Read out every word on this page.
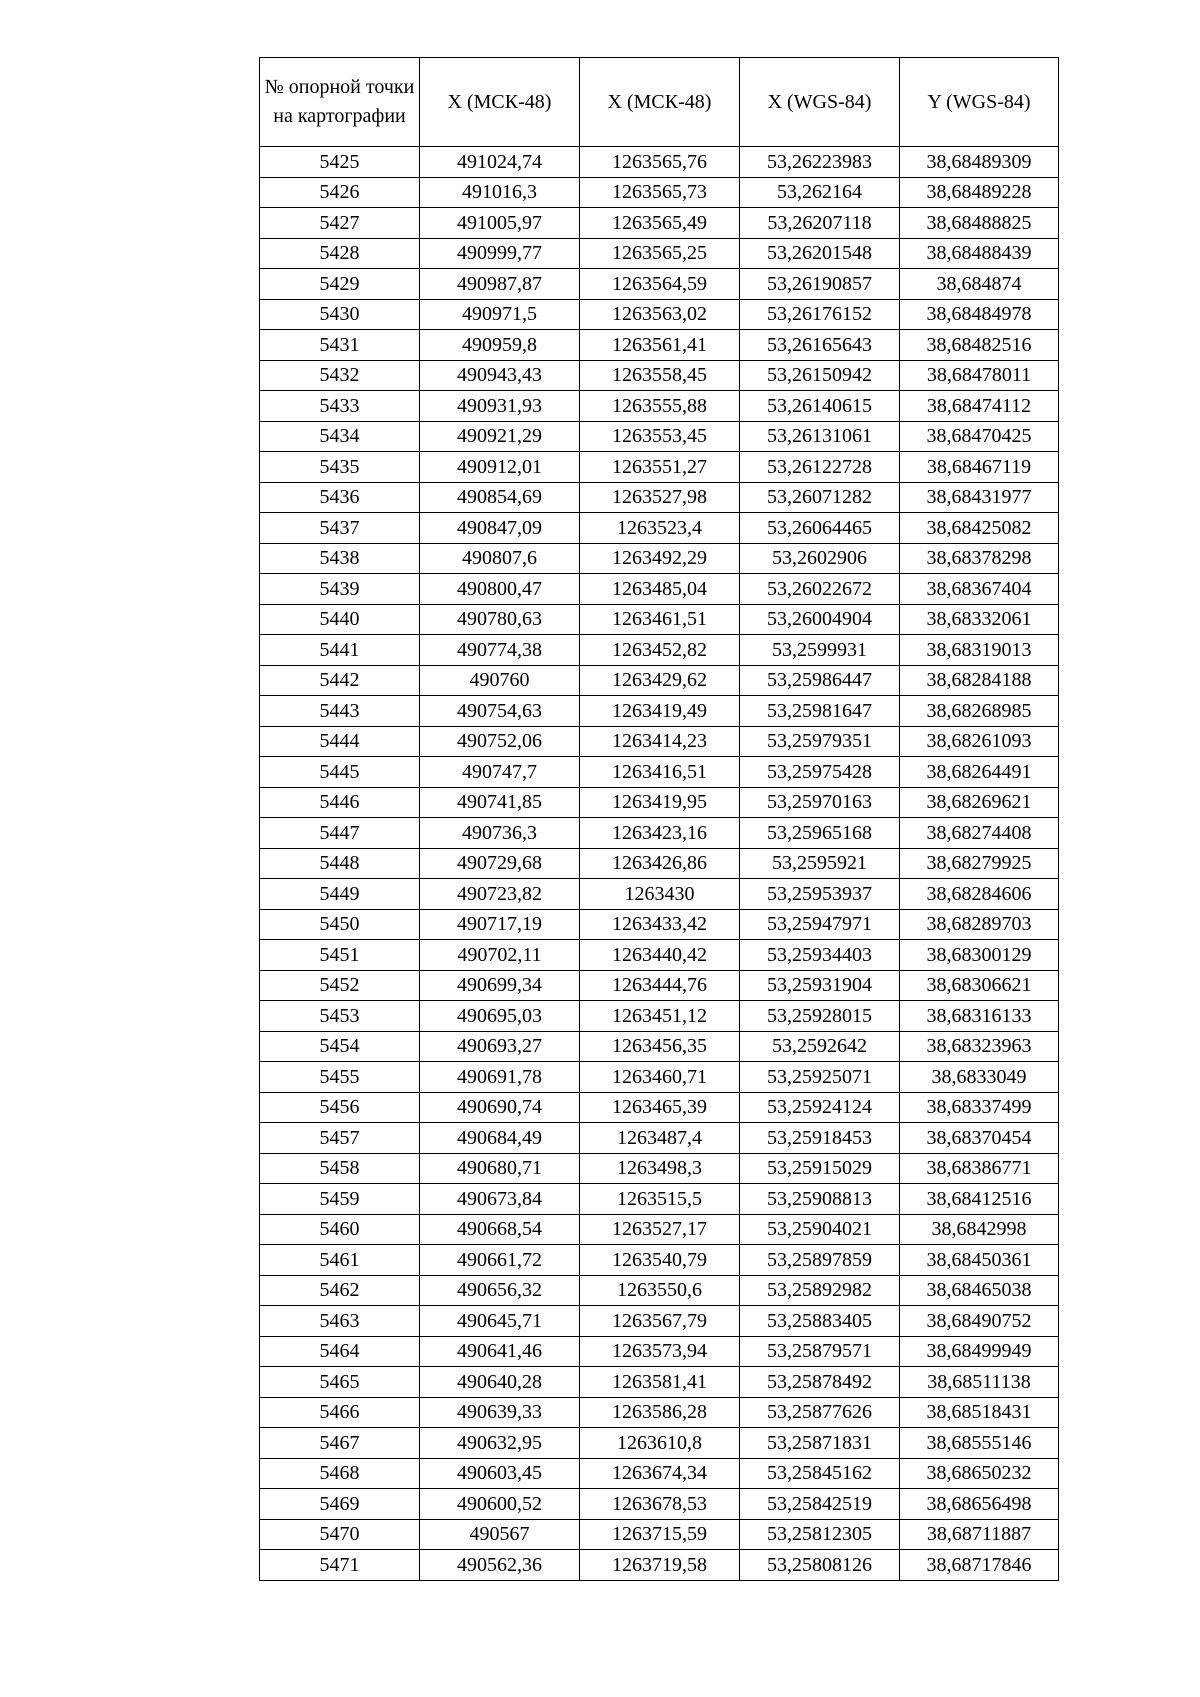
№ опорной точки на картографии	X (МСК-48)	X (МСК-48)	X (WGS-84)	Y (WGS-84)
5425	491024,74	1263565,76	53,26223983	38,68489309
5426	491016,3	1263565,73	53,262164	38,68489228
5427	491005,97	1263565,49	53,26207118	38,68488825
5428	490999,77	1263565,25	53,26201548	38,68488439
5429	490987,87	1263564,59	53,26190857	38,684874
5430	490971,5	1263563,02	53,26176152	38,68484978
5431	490959,8	1263561,41	53,26165643	38,68482516
5432	490943,43	1263558,45	53,26150942	38,68478011
5433	490931,93	1263555,88	53,26140615	38,68474112
5434	490921,29	1263553,45	53,26131061	38,68470425
5435	490912,01	1263551,27	53,26122728	38,68467119
5436	490854,69	1263527,98	53,26071282	38,68431977
5437	490847,09	1263523,4	53,26064465	38,68425082
5438	490807,6	1263492,29	53,2602906	38,68378298
5439	490800,47	1263485,04	53,26022672	38,68367404
5440	490780,63	1263461,51	53,26004904	38,68332061
5441	490774,38	1263452,82	53,2599931	38,68319013
5442	490760	1263429,62	53,25986447	38,68284188
5443	490754,63	1263419,49	53,25981647	38,68268985
5444	490752,06	1263414,23	53,25979351	38,68261093
5445	490747,7	1263416,51	53,25975428	38,68264491
5446	490741,85	1263419,95	53,25970163	38,68269621
5447	490736,3	1263423,16	53,25965168	38,68274408
5448	490729,68	1263426,86	53,2595921	38,68279925
5449	490723,82	1263430	53,25953937	38,68284606
5450	490717,19	1263433,42	53,25947971	38,68289703
5451	490702,11	1263440,42	53,25934403	38,68300129
5452	490699,34	1263444,76	53,25931904	38,68306621
5453	490695,03	1263451,12	53,25928015	38,68316133
5454	490693,27	1263456,35	53,2592642	38,68323963
5455	490691,78	1263460,71	53,25925071	38,6833049
5456	490690,74	1263465,39	53,25924124	38,68337499
5457	490684,49	1263487,4	53,25918453	38,68370454
5458	490680,71	1263498,3	53,25915029	38,68386771
5459	490673,84	1263515,5	53,25908813	38,68412516
5460	490668,54	1263527,17	53,25904021	38,6842998
5461	490661,72	1263540,79	53,25897859	38,68450361
5462	490656,32	1263550,6	53,25892982	38,68465038
5463	490645,71	1263567,79	53,25883405	38,68490752
5464	490641,46	1263573,94	53,25879571	38,68499949
5465	490640,28	1263581,41	53,25878492	38,68511138
5466	490639,33	1263586,28	53,25877626	38,68518431
5467	490632,95	1263610,8	53,25871831	38,68555146
5468	490603,45	1263674,34	53,25845162	38,68650232
5469	490600,52	1263678,53	53,25842519	38,68656498
5470	490567	1263715,59	53,25812305	38,68711887
5471	490562,36	1263719,58	53,25808126	38,68717846
